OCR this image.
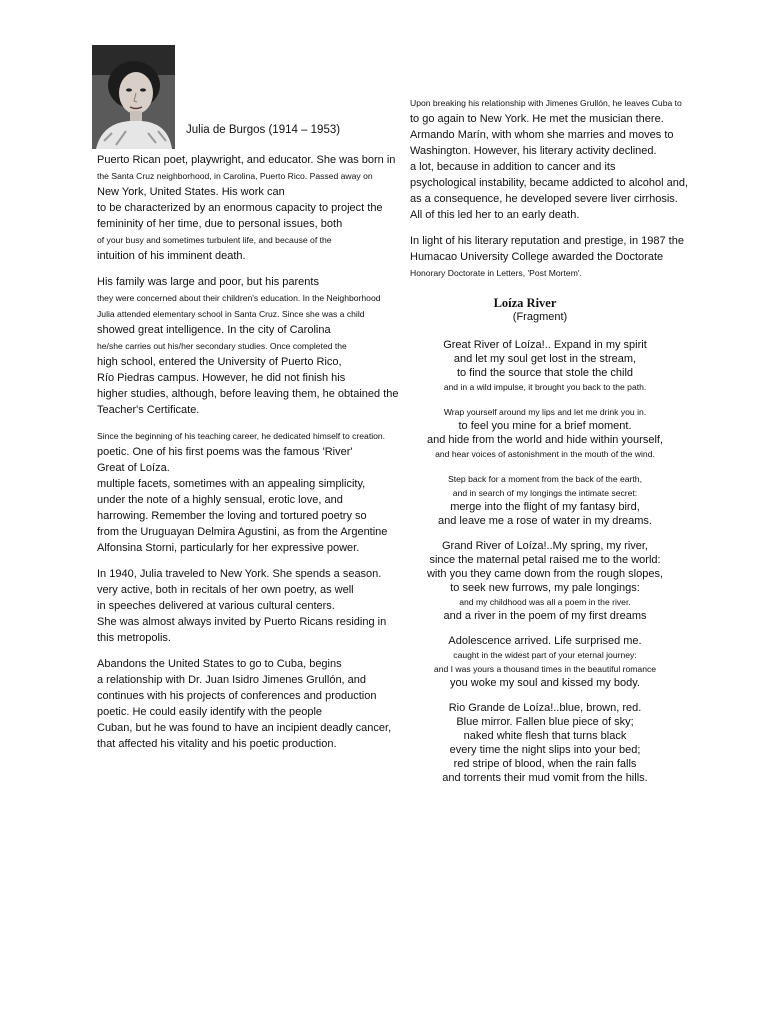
Julia de Burgos (1914 – 1953)
Puerto Rican poet, playwright, and educator. She was born in
the Santa Cruz neighborhood, in Carolina, Puerto Rico. Passed away on
New York, United States. His work can
to be characterized by an enormous capacity to project the
femininity of her time, due to personal issues, both
of your busy and sometimes turbulent life, and because of the
intuition of his imminent death.
His family was large and poor, but his parents
they were concerned about their children's education. In the Neighborhood
Julia attended elementary school in Santa Cruz. Since she was a child
showed great intelligence. In the city of Carolina
he/she carries out his/her secondary studies. Once completed the
high school, entered the University of Puerto Rico,
Río Piedras campus. However, he did not finish his
higher studies, although, before leaving them, he obtained the
Teacher's Certificate.
Since the beginning of his teaching career, he dedicated himself to creation.
poetic. One of his first poems was the famous 'River'
Great of Loíza.
multiple facets, sometimes with an appealing simplicity,
under the note of a highly sensual, erotic love, and
harrowing. Remember the loving and tortured poetry so
from the Uruguayan Delmira Agustini, as from the Argentine
Alfonsina Storni, particularly for her expressive power.
In 1940, Julia traveled to New York. She spends a season.
very active, both in recitals of her own poetry, as well
in speeches delivered at various cultural centers.
She was almost always invited by Puerto Ricans residing in
this metropolis.
Abandons the United States to go to Cuba, begins
a relationship with Dr. Juan Isidro Jimenes Grullón, and
continues with his projects of conferences and production
poetic. He could easily identify with the people
Cuban, but he was found to have an incipient deadly cancer,
that affected his vitality and his poetic production.
Upon breaking his relationship with Jimenes Grullón, he leaves Cuba to
to go again to New York. He met the musician there.
Armando Marín, with whom she marries and moves to
Washington. However, his literary activity declined.
a lot, because in addition to cancer and its
psychological instability, became addicted to alcohol and,
as a consequence, he developed severe liver cirrhosis.
All of this led her to an early death.
In light of his literary reputation and prestige, in 1987 the
Humacao University College awarded the Doctorate
Honorary Doctorate in Letters, 'Post Mortem'.
Loíza River
(Fragment)
Great River of Loíza!.. Expand in my spirit
and let my soul get lost in the stream,
to find the source that stole the child
and in a wild impulse, it brought you back to the path.
Wrap yourself around my lips and let me drink you in.
to feel you mine for a brief moment.
and hide from the world and hide within yourself,
and hear voices of astonishment in the mouth of the wind.
Step back for a moment from the back of the earth,
and in search of my longings the intimate secret:
merge into the flight of my fantasy bird,
and leave me a rose of water in my dreams.
Grand River of Loíza!..My spring, my river,
since the maternal petal raised me to the world:
with you they came down from the rough slopes,
to seek new furrows, my pale longings:
and my childhood was all a poem in the river.
and a river in the poem of my first dreams
Adolescence arrived. Life surprised me.
caught in the widest part of your eternal journey:
and I was yours a thousand times in the beautiful romance
you woke my soul and kissed my body.
Rio Grande de Loíza!..blue, brown, red.
Blue mirror. Fallen blue piece of sky;
naked white flesh that turns black
every time the night slips into your bed;
red stripe of blood, when the rain falls
and torrents their mud vomit from the hills.
